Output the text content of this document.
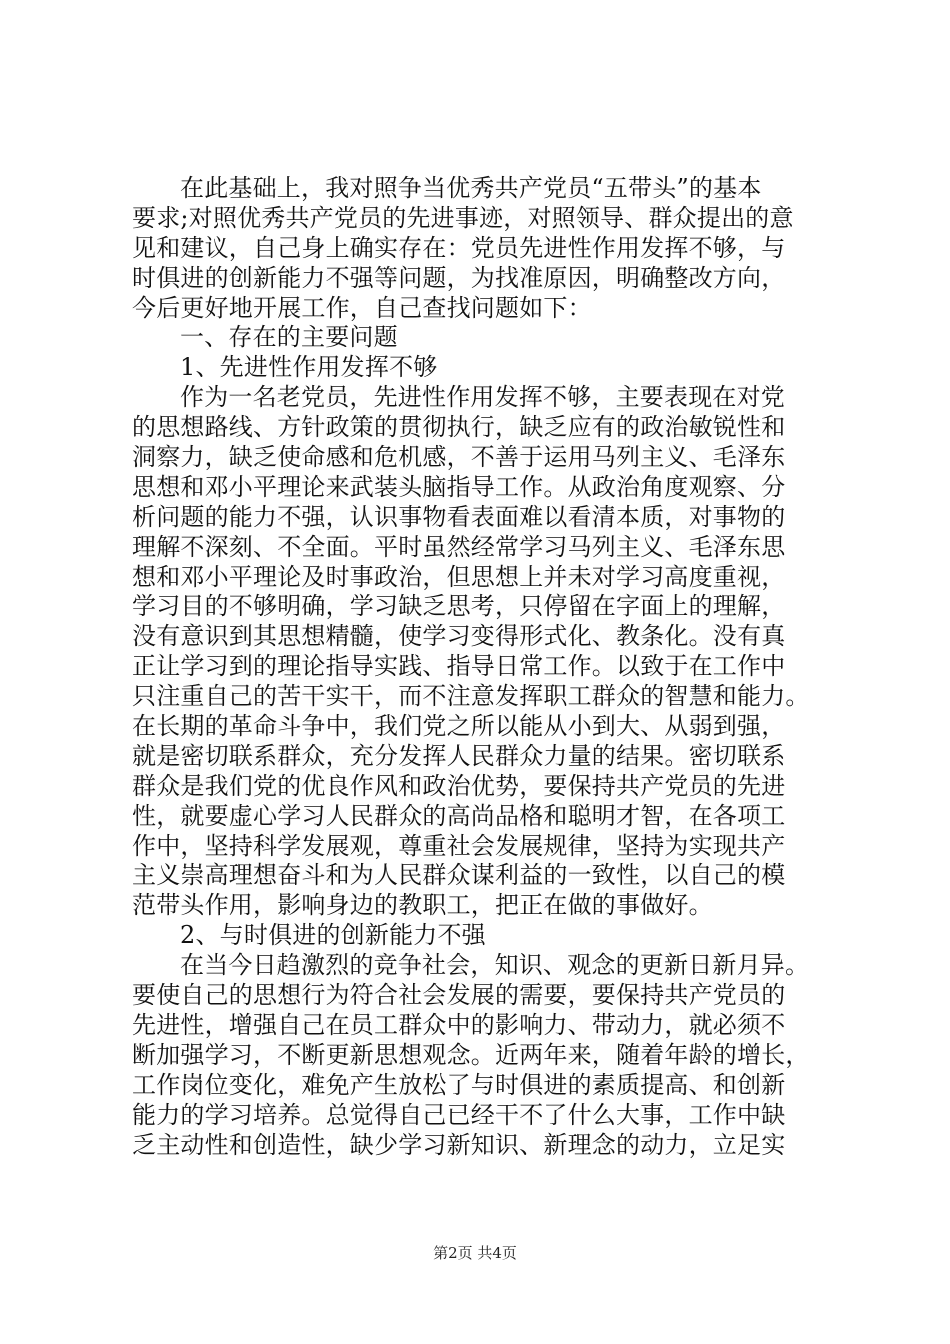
在此基础上，我对照争当优秀共产党员“五带头”的基本
要求;对照优秀共产党员的先进事迹，对照领导、群众提出的意
见和建议，自己身上确实存在：党员先进性作用发挥不够，与
时俱进的创新能力不强等问题，为找准原因，明确整改方向，
今后更好地开展工作，自己查找问题如下：
一、存在的主要问题
1、先进性作用发挥不够
作为一名老党员，先进性作用发挥不够，主要表现在对党
的思想路线、方针政策的贯彻执行，缺乏应有的政治敏锐性和
洞察力，缺乏使命感和危机感，不善于运用马列主义、毛泽东
思想和邓小平理论来武装头脑指导工作。从政治角度观察、分
析问题的能力不强，认识事物看表面难以看清本质，对事物的
理解不深刻、不全面。平时虽然经常学习马列主义、毛泽东思
想和邓小平理论及时事政治，但思想上并未对学习高度重视，
学习目的不够明确，学习缺乏思考，只停留在字面上的理解，
没有意识到其思想精髓，使学习变得形式化、教条化。没有真
正让学习到的理论指导实践、指导日常工作。以致于在工作中
只注重自己的苦干实干，而不注意发挥职工群众的智慧和能力。
在长期的革命斗争中，我们党之所以能从小到大、从弱到强，
就是密切联系群众，充分发挥人民群众力量的结果。密切联系
群众是我们党的优良作风和政治优势，要保持共产党员的先进
性，就要虚心学习人民群众的高尚品格和聪明才智，在各项工
作中，坚持科学发展观，尊重社会发展规律，坚持为实现共产
主义崇高理想奋斗和为人民群众谋利益的一致性，以自己的模
范带头作用，影响身边的教职工，把正在做的事做好。
2、与时俱进的创新能力不强
在当今日趋激烈的竞争社会，知识、观念的更新日新月异。
要使自己的思想行为符合社会发展的需要，要保持共产党员的
先进性，增强自己在员工群众中的影响力、带动力，就必须不
断加强学习，不断更新思想观念。近两年来，随着年龄的增长，
工作岗位变化，难免产生放松了与时俱进的素质提高、和创新
能力的学习培养。总觉得自己已经干不了什么大事，工作中缺
乏主动性和创造性，缺少学习新知识、新理念的动力，立足实
第2页 共4页
